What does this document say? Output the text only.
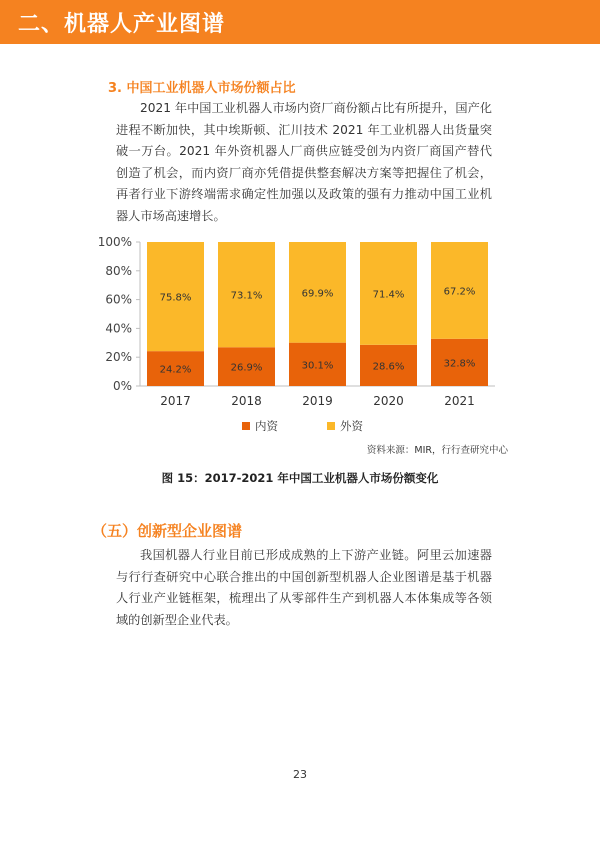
二、机器人产业图谱
3. 中国工业机器人市场份额占比
2021 年中国工业机器人市场内资厂商份额占比有所提升，国产化进程不断加快，其中埃斯顿、汇川技术 2021 年工业机器人出货量突破一万台。2021 年外资机器人厂商供应链受创为内资厂商国产替代创造了机会，而内资厂商亦凭借提供整套解决方案等把握住了机会，再者行业下游终端需求确定性加强以及政策的强有力推动中国工业机器人市场高速增长。
0%
20%
40%
60%
80%
100%
24.2%
75.8%
2017
26.9%
73.1%
2018
30.1%
69.9%
2019
28.6%
71.4%
2020
32.8%
67.2%
2021
内资	外资
资料来源：MIR，行行查研究中心
图 15：2017-2021 年中国工业机器人市场份额变化
（五）创新型企业图谱
我国机器人行业目前已形成成熟的上下游产业链。阿里云加速器与行行查研究中心联合推出的中国创新型机器人企业图谱是基于机器人行业产业链框架，梳理出了从零部件生产到机器人本体集成等各领域的创新型企业代表。
23
